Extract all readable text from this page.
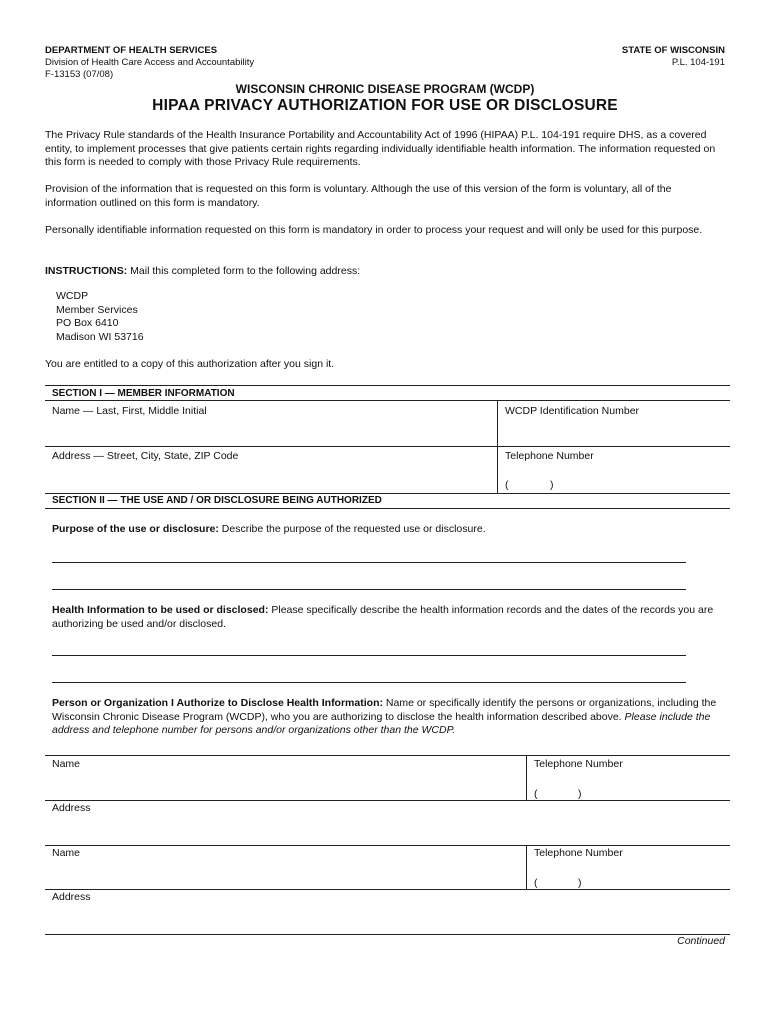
DEPARTMENT OF HEALTH SERVICES
Division of Health Care Access and Accountability
F-13153 (07/08)
STATE OF WISCONSIN
P.L. 104-191
WISCONSIN CHRONIC DISEASE PROGRAM (WCDP)
HIPAA PRIVACY AUTHORIZATION FOR USE OR DISCLOSURE
The Privacy Rule standards of the Health Insurance Portability and Accountability Act of 1996 (HIPAA) P.L. 104-191 require DHS, as a covered entity, to implement processes that give patients certain rights regarding individually identifiable health information. The information requested on this form is needed to comply with those Privacy Rule requirements.
Provision of the information that is requested on this form is voluntary. Although the use of this version of the form is voluntary, all of the information outlined on this form is mandatory.
Personally identifiable information requested on this form is mandatory in order to process your request and will only be used for this purpose.
INSTRUCTIONS: Mail this completed form to the following address:
WCDP
Member Services
PO Box 6410
Madison WI 53716
You are entitled to a copy of this authorization after you sign it.
SECTION I — MEMBER INFORMATION
Name — Last, First, Middle Initial	WCDP Identification Number
Address — Street, City, State, ZIP Code	Telephone Number
(	)
SECTION II — THE USE AND / OR DISCLOSURE BEING AUTHORIZED
Purpose of the use or disclosure: Describe the purpose of the requested use or disclosure.
Health Information to be used or disclosed: Please specifically describe the health information records and the dates of the records you are authorizing be used and/or disclosed.
Person or Organization I Authorize to Disclose Health Information: Name or specifically identify the persons or organizations, including the Wisconsin Chronic Disease Program (WCDP), who you are authorizing to disclose the health information described above. Please include the address and telephone number for persons and/or organizations other than the WCDP.
Name	Telephone Number
(	)
Address
Name	Telephone Number
(	)
Address
Continued
